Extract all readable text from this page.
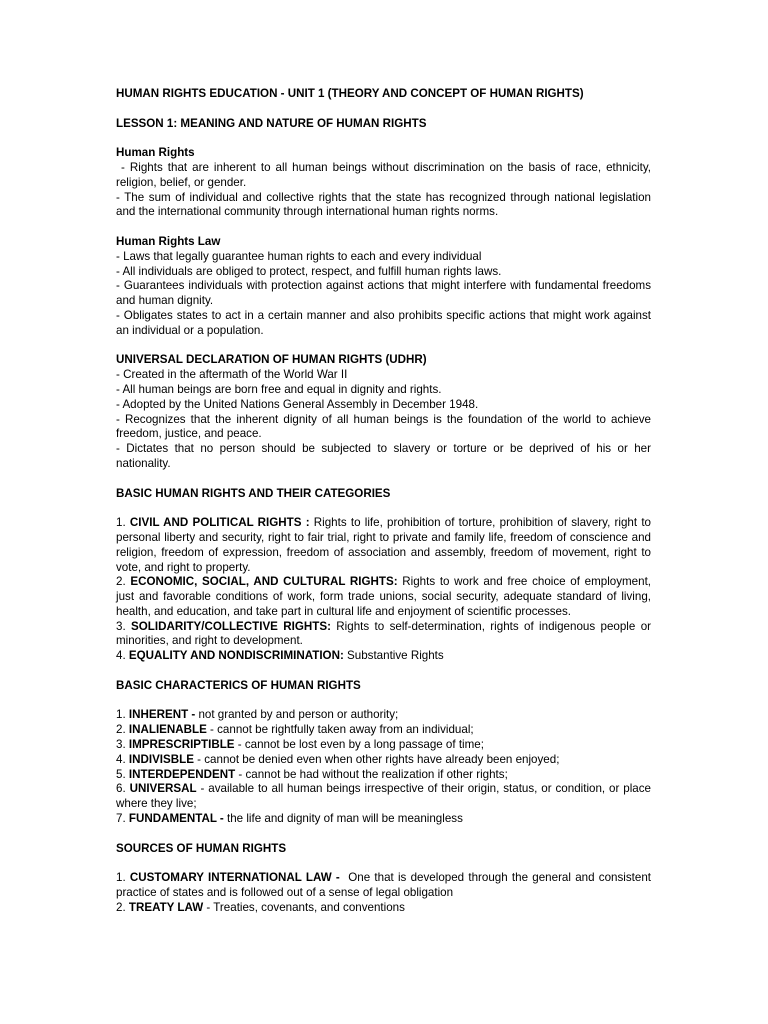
HUMAN RIGHTS EDUCATION - UNIT 1 (THEORY AND CONCEPT OF HUMAN RIGHTS)

LESSON 1: MEANING AND NATURE OF HUMAN RIGHTS

Human Rights

- Rights that are inherent to all human beings without discrimination on the basis of race, ethnicity, religion, belief, or gender.

- The sum of individual and collective rights that the state has recognized through national legislation and the international community through international human rights norms.

Human Rights Law

- Laws that legally guarantee human rights to each and every individual

- All individuals are obliged to protect, respect, and fulfill human rights laws.

- Guarantees individuals with protection against actions that might interfere with fundamental freedoms and human dignity.

- Obligates states to act in a certain manner and also prohibits specific actions that might work against an individual or a population.

UNIVERSAL DECLARATION OF HUMAN RIGHTS (UDHR)

- Created in the aftermath of the World War II

- All human beings are born free and equal in dignity and rights.

- Adopted by the United Nations General Assembly in December 1948.

- Recognizes that the inherent dignity of all human beings is the foundation of the world to achieve freedom, justice, and peace.

- Dictates that no person should be subjected to slavery or torture or be deprived of his or her nationality.

BASIC HUMAN RIGHTS AND THEIR CATEGORIES

1. CIVIL AND POLITICAL RIGHTS : Rights to life, prohibition of torture, prohibition of slavery, right to personal liberty and security, right to fair trial, right to private and family life, freedom of conscience and religion, freedom of expression, freedom of association and assembly, freedom of movement, right to vote, and right to property.

2. ECONOMIC, SOCIAL, AND CULTURAL RIGHTS: Rights to work and free choice of employment, just and favorable conditions of work, form trade unions, social security, adequate standard of living, health, and education, and take part in cultural life and enjoyment of scientific processes.

3. SOLIDARITY/COLLECTIVE RIGHTS: Rights to self-determination, rights of indigenous people or minorities, and right to development.

4. EQUALITY AND NONDISCRIMINATION: Substantive Rights

BASIC CHARACTERICS OF HUMAN RIGHTS

1. INHERENT - not granted by and person or authority;

2. INALIENABLE - cannot be rightfully taken away from an individual;

3. IMPRESCRIPTIBLE - cannot be lost even by a long passage of time;

4. INDIVISBLE - cannot be denied even when other rights have already been enjoyed;

5. INTERDEPENDENT - cannot be had without the realization if other rights;

6. UNIVERSAL - available to all human beings irrespective of their origin, status, or condition, or place where they live;

7. FUNDAMENTAL - the life and dignity of man will be meaningless

SOURCES OF HUMAN RIGHTS

1. CUSTOMARY INTERNATIONAL LAW -  One that is developed through the general and consistent practice of states and is followed out of a sense of legal obligation

2. TREATY LAW - Treaties, covenants, and conventions
